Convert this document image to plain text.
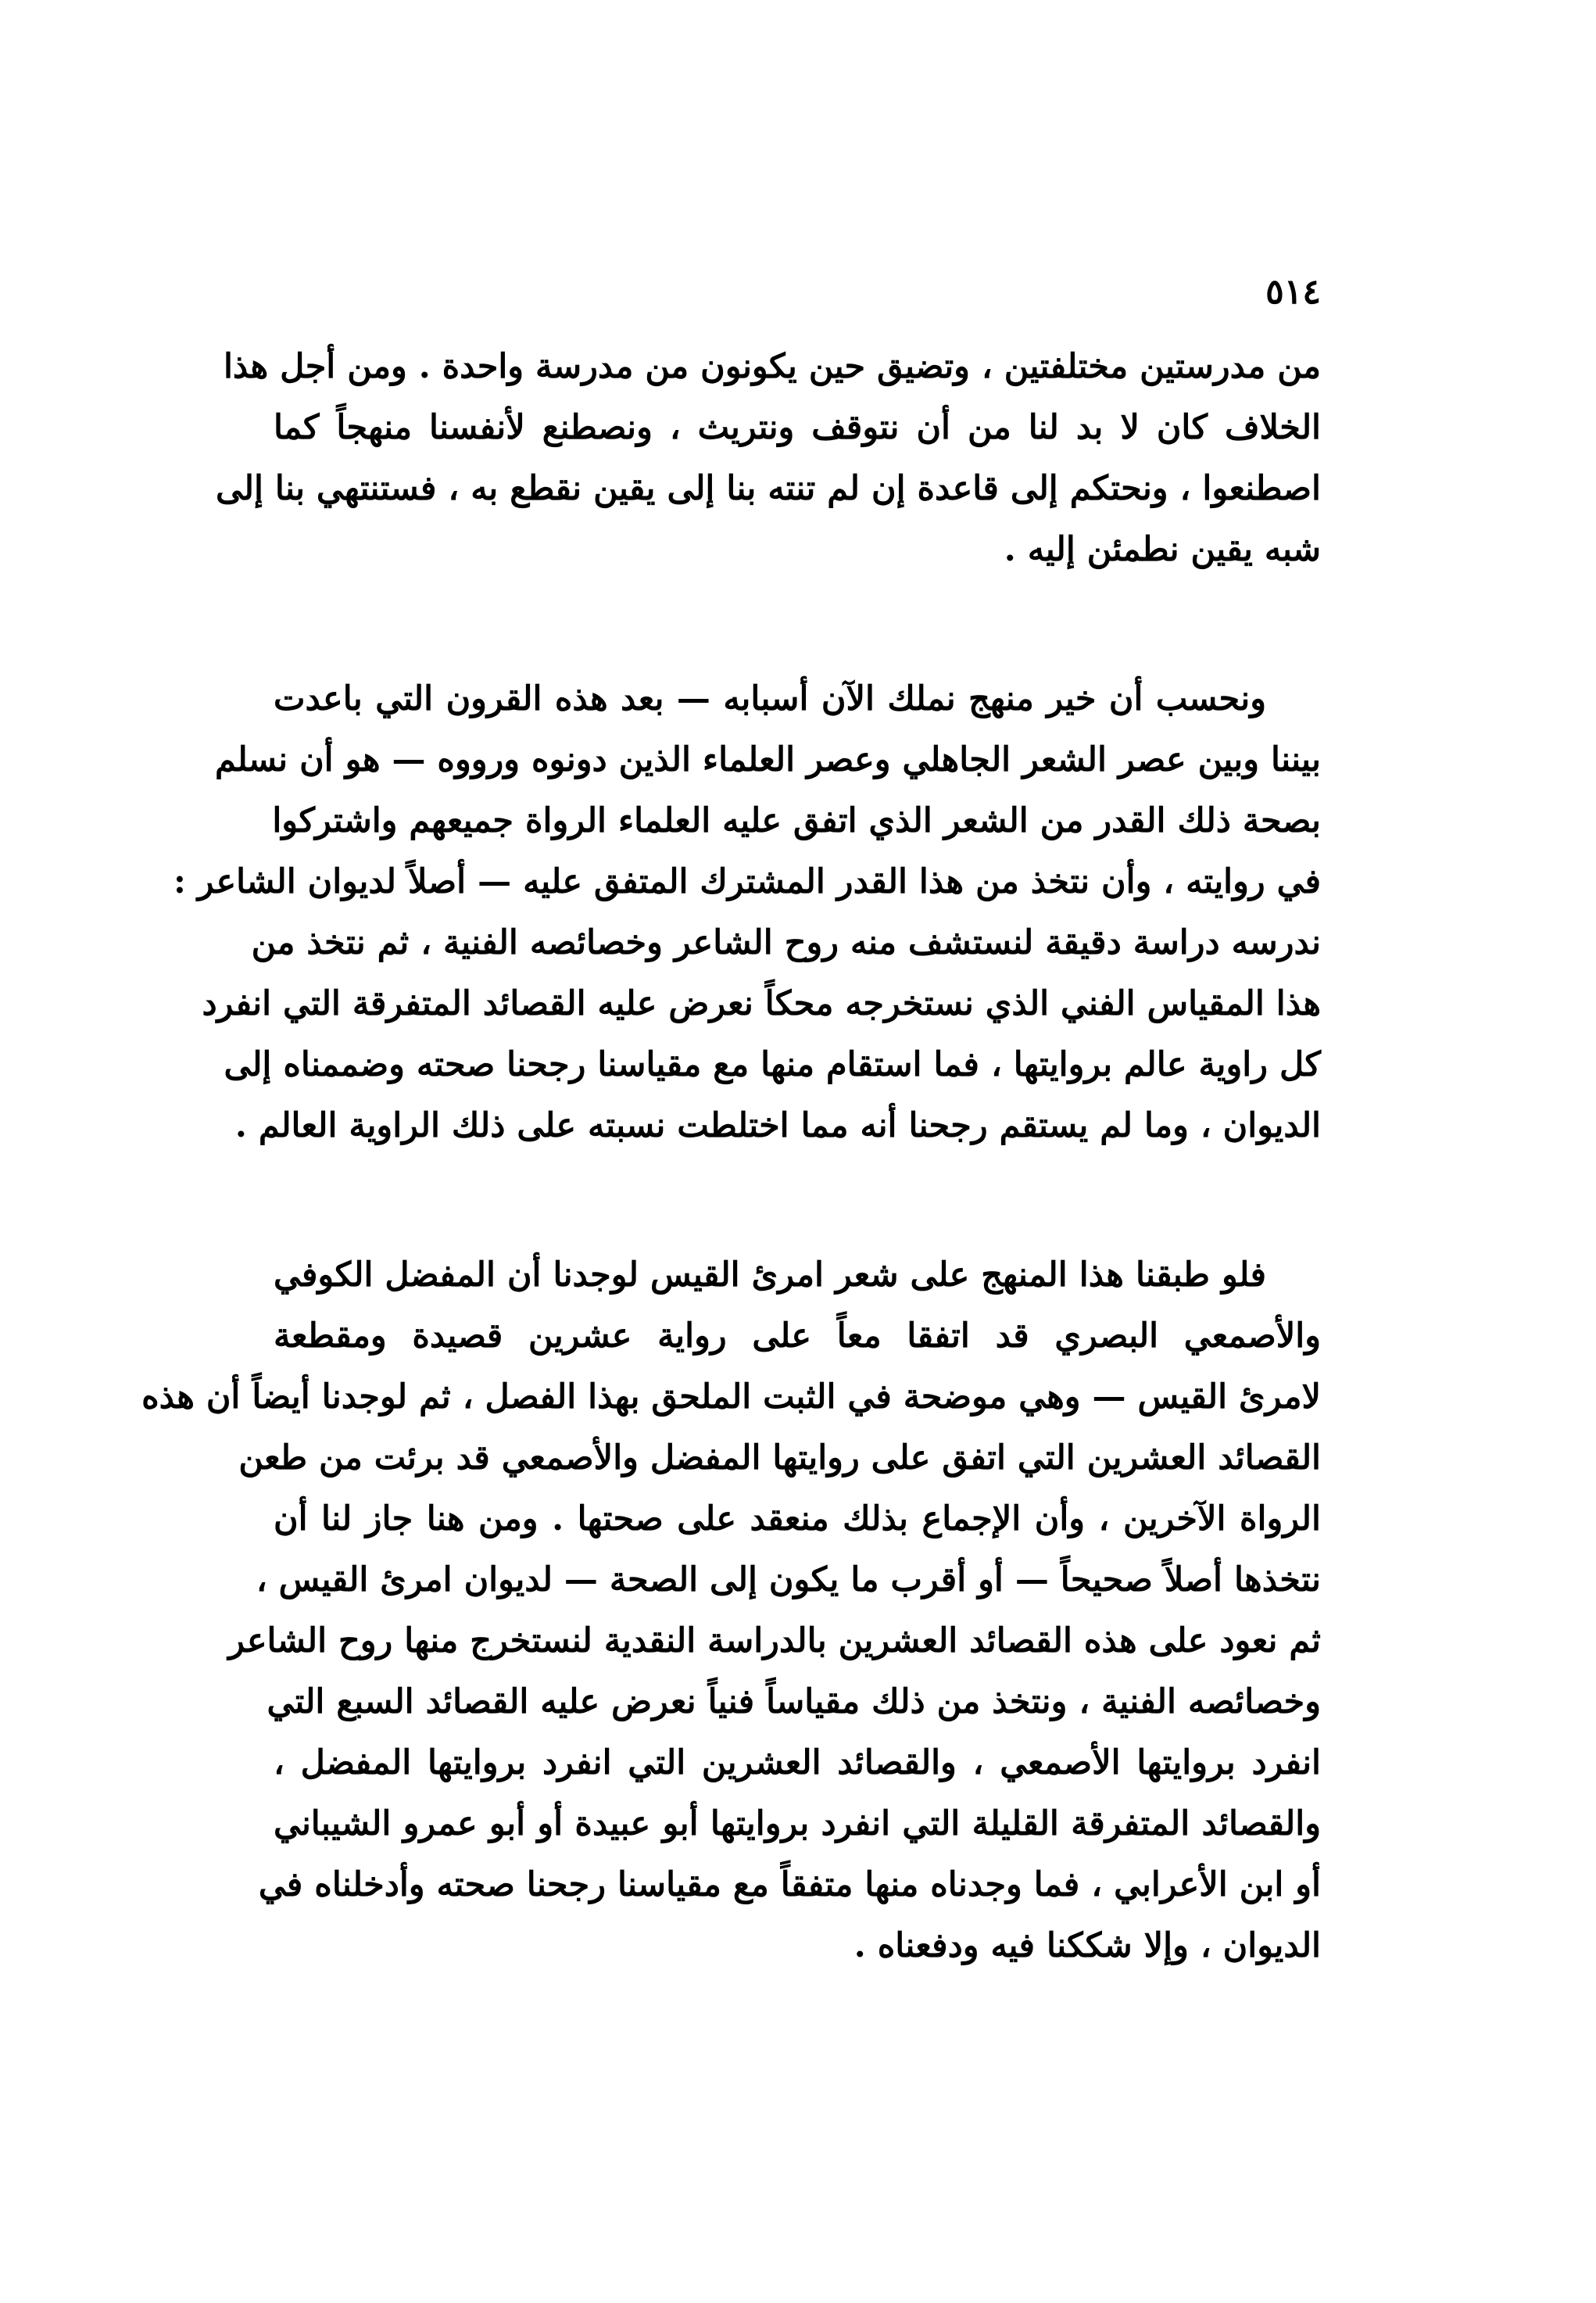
٥١٤
من مدرستين مختلفتين ، وتضيق حين يكونون من مدرسة واحدة . ومن أجل هذا
الخلاف كان لا بد لنا من أن نتوقف ونتريث ، ونصطنع لأنفسنا منهجاً كما
اصطنعوا ، ونحتكم إلى قاعدة إن لم تنته بنا إلى يقين نقطع به ، فستنتهي بنا إلى
شبه يقين نطمئن إليه .
ونحسب أن خير منهج نملك الآن أسبابه — بعد هذه القرون التي باعدت
بيننا وبين عصر الشعر الجاهلي وعصر العلماء الذين دونوه ورووه — هو أن نسلم
بصحة ذلك القدر من الشعر الذي اتفق عليه العلماء الرواة جميعهم واشتركوا
في روايته ، وأن نتخذ من هذا القدر المشترك المتفق عليه — أصلاً لديوان الشاعر :
ندرسه دراسة دقيقة لنستشف منه روح الشاعر وخصائصه الفنية ، ثم نتخذ من
هذا المقياس الفني الذي نستخرجه محكاً نعرض عليه القصائد المتفرقة التي انفرد
كل راوية عالم بروايتها ، فما استقام منها مع مقياسنا رجحنا صحته وضممناه إلى
الديوان ، وما لم يستقم رجحنا أنه مما اختلطت نسبته على ذلك الراوية العالم .
فلو طبقنا هذا المنهج على شعر امرئ القيس لوجدنا أن المفضل الكوفي
والأصمعي البصري قد اتفقا معاً على رواية عشرين قصيدة ومقطعة
لامرئ القيس — وهي موضحة في الثبت الملحق بهذا الفصل ، ثم لوجدنا أيضاً أن هذه
القصائد العشرين التي اتفق على روايتها المفضل والأصمعي قد برئت من طعن
الرواة الآخرين ، وأن الإجماع بذلك منعقد على صحتها . ومن هنا جاز لنا أن
نتخذها أصلاً صحيحاً — أو أقرب ما يكون إلى الصحة — لديوان امرئ القيس ،
ثم نعود على هذه القصائد العشرين بالدراسة النقدية لنستخرج منها روح الشاعر
وخصائصه الفنية ، ونتخذ من ذلك مقياساً فنياً نعرض عليه القصائد السبع التي
انفرد بروايتها الأصمعي ، والقصائد العشرين التي انفرد بروايتها المفضل ،
والقصائد المتفرقة القليلة التي انفرد بروايتها أبو عبيدة أو أبو عمرو الشيباني
أو ابن الأعرابي ، فما وجدناه منها متفقاً مع مقياسنا رجحنا صحته وأدخلناه في
الديوان ، وإلا شككنا فيه ودفعناه .
